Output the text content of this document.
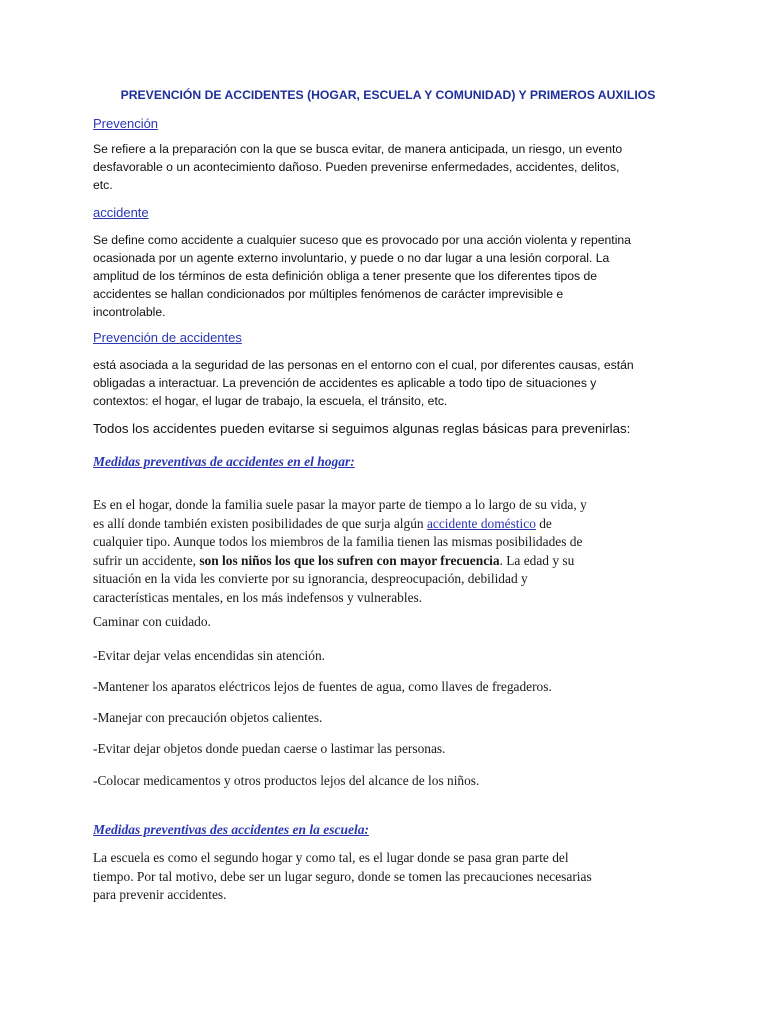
PREVENCIÓN DE ACCIDENTES (HOGAR, ESCUELA Y COMUNIDAD) Y PRIMEROS AUXILIOS
Prevención
Se refiere a la preparación con la que se busca evitar, de manera anticipada, un riesgo, un evento
desfavorable o un acontecimiento dañoso. Pueden prevenirse enfermedades, accidentes, delitos,
etc.
accidente
Se define como accidente a cualquier suceso que es provocado por una acción violenta y repentina
ocasionada por un agente externo involuntario, y puede o no dar lugar a una lesión corporal. La
amplitud de los términos de esta definición obliga a tener presente que los diferentes tipos de
accidentes se hallan condicionados por múltiples fenómenos de carácter imprevisible e
incontrolable.
Prevención de accidentes
está asociada a la seguridad de las personas en el entorno con el cual, por diferentes causas, están
obligadas a interactuar. La prevención de accidentes es aplicable a todo tipo de situaciones y
contextos: el hogar, el lugar de trabajo, la escuela, el tránsito, etc.
Todos los accidentes pueden evitarse si seguimos algunas reglas básicas para prevenirlas:
Medidas preventivas de accidentes en el hogar:
Es en el hogar, donde la familia suele pasar la mayor parte de tiempo a lo largo de su vida, y
es allí donde también existen posibilidades de que surja algún accidente doméstico de
cualquier tipo. Aunque todos los miembros de la familia tienen las mismas posibilidades de
sufrir un accidente, son los niños los que los sufren con mayor frecuencia. La edad y su
situación en la vida les convierte por su ignorancia, despreocupación, debilidad y
características mentales, en los más indefensos y vulnerables.
Caminar con cuidado.
-Evitar dejar velas encendidas sin atención.
-Mantener los aparatos eléctricos lejos de fuentes de agua, como llaves de fregaderos.
-Manejar con precaución objetos calientes.
-Evitar dejar objetos donde puedan caerse o lastimar las personas.
-Colocar medicamentos y otros productos lejos del alcance de los niños.
Medidas preventivas des accidentes en la escuela:
La escuela es como el segundo hogar y como tal, es el lugar donde se pasa gran parte del
tiempo. Por tal motivo, debe ser un lugar seguro, donde se tomen las precauciones necesarias
para prevenir accidentes.
